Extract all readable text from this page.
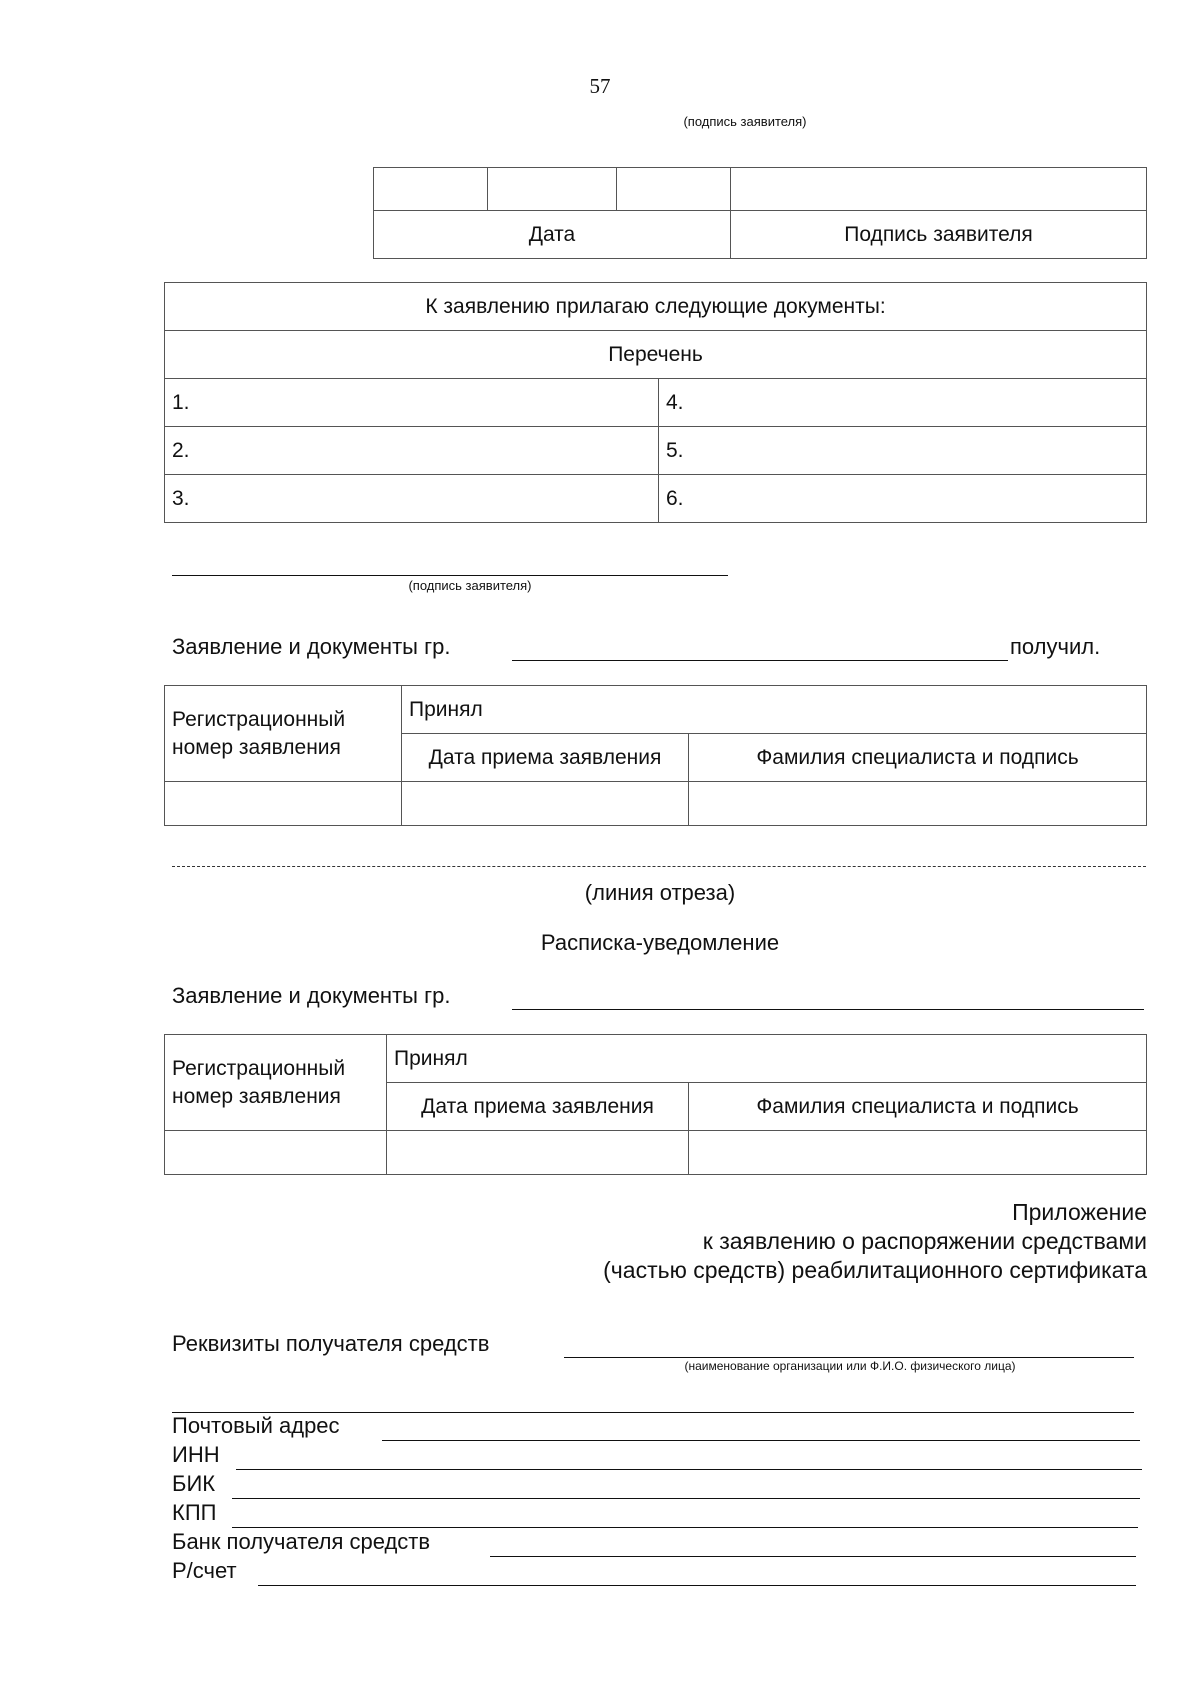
57
(подпись заявителя)

Дата			Подпись заявителя
К заявлению прилагаю следующие документы:	
Перечень	
1.	4.
2.	5.
3.	6.
(подпись заявителя)
Заявление и документы гр.	получил.
Регистрационный номер заявления	Принял	
	Дата приема заявления	Фамилия специалиста и подпись

(линия отреза)
Расписка-уведомление
Заявление и документы гр.
Регистрационный номер заявления	Принял	
	Дата приема заявления	Фамилия специалиста и подпись

Приложение
к заявлению о распоряжении средствами
(частью средств) реабилитационного сертификата
Реквизиты получателя средств
(наименование организации или Ф.И.О. физического лица)
Почтовый адрес
ИНН
БИК
КПП
Банк получателя средств
Р/счет
